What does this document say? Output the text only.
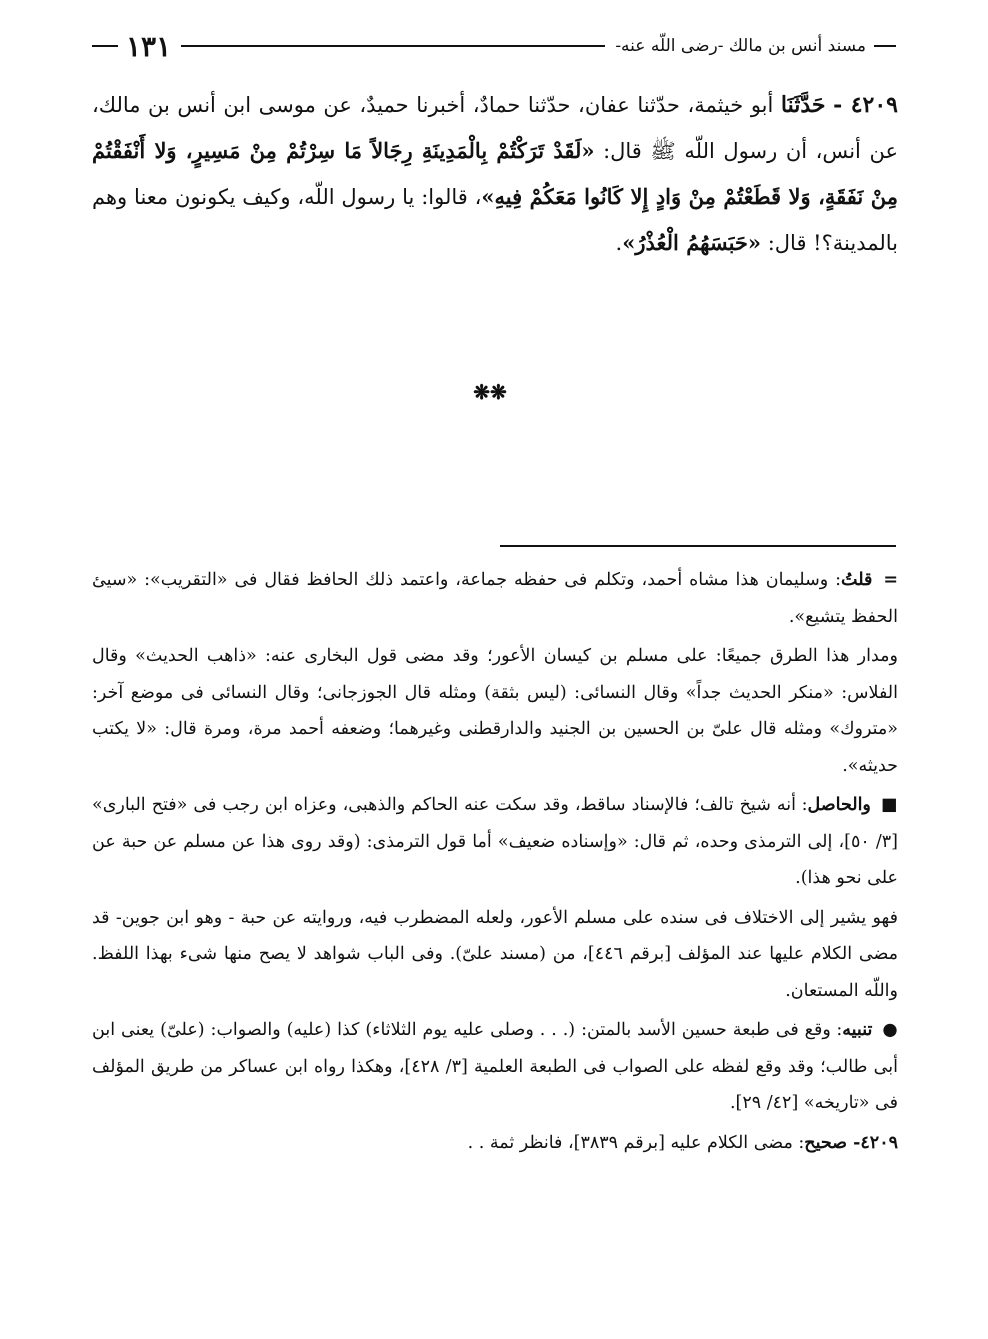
مسند أنس بن مالك -رضى اللّه عنه-
١٣١
٤٢٠٩ - حَدَّثَنَا أبو خيثمة، حدّثنا عفان، حدّثنا حمادٌ، أخبرنا حميدٌ، عن موسى ابن أنس بن مالك، عن أنس، أن رسول اللّه ﷺ قال: «لَقَدْ تَرَكْتُمْ بِالْمَدِينَةِ رِجَالاً مَا سِرْتُمْ مِنْ مَسِيرٍ، وَلا أَنْفَقْتُمْ مِنْ نَفَقَةٍ، وَلا قَطَعْتُمْ مِنْ وَادٍ إِلا كَانُوا مَعَكُمْ فِيهِ»، قالوا: يا رسول اللّه، وكيف يكونون معنا وهم بالمدينة؟! قال: «حَبَسَهُمُ الْعُذْرُ».
❋❋

= قلتُ: وسليمان هذا مشاه أحمد، وتكلم فى حفظه جماعة، واعتمد ذلك الحافظ فقال فى «التقريب»: «سيئ الحفظ يتشيع».

ومدار هذا الطرق جميعًا: على مسلم بن كيسان الأعور؛ وقد مضى قول البخارى عنه: «ذاهب الحديث» وقال الفلاس: «منكر الحديث جداً» وقال النسائى: (ليس بثقة) ومثله قال الجوزجانى؛ وقال النسائى فى موضع آخر: «متروك» ومثله قال علىّ بن الحسين بن الجنيد والدارقطنى وغيرهما؛ وضعفه أحمد مرة، ومرة قال: «لا يكتب حديثه».

■ والحاصل: أنه شيخ تالف؛ فالإسناد ساقط، وقد سكت عنه الحاكم والذهبى، وعزاه ابن رجب فى «فتح البارى» [٣/ ٥٠]، إلى الترمذى وحده، ثم قال: «وإسناده ضعيف» أما قول الترمذى: (وقد روى هذا عن مسلم عن حبة عن على نحو هذا).

فهو يشير إلى الاختلاف فى سنده على مسلم الأعور، ولعله المضطرب فيه، وروايته عن حبة - وهو ابن جوين- قد مضى الكلام عليها عند المؤلف [برقم ٤٤٦]، من (مسند علىّ). وفى الباب شواهد لا يصح منها شىء بهذا اللفظ. واللّه المستعان.

● تنبيه: وقع فى طبعة حسين الأسد بالمتن: (. . . وصلى عليه يوم الثلاثاء) كذا (عليه) والصواب: (علىّ) يعنى ابن أبى طالب؛ وقد وقع لفظه على الصواب فى الطبعة العلمية [٣/ ٤٢٨]، وهكذا رواه ابن عساكر من طريق المؤلف فى «تاريخه» [٤٢/ ٢٩].

٤٢٠٩- صحيح: مضى الكلام عليه [برقم ٣٨٣٩]، فانظر ثمة . .
